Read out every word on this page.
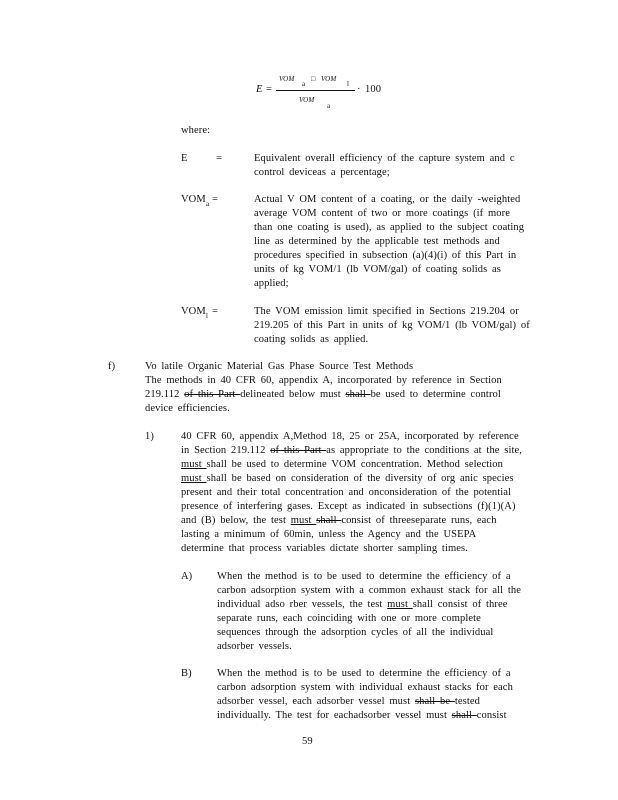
E =
VOM
a
□ VOM
l
VOM
a
· 100
where:
E	=	Equivalent overall efficiency of the capture system and c
control deviceas a percentage;
VOM a =	Actual V OM content of a coating, or the daily -weighted
average VOM content of two or more coatings (if more
than one coating is used), as applied to the subject coating
line as determined by the applicable test methods and
procedures specified in subsection (a)(4)(i) of this Part in
units of kg VOM/1 (lb VOM/gal) of coating solids as
applied;
VOM l =	The VOM emission limit specified in Sections 219.204 or
219.205 of this Part in units of kg VOM/1 (lb VOM/gal) of
coating solids as applied.
f)	Vo latile Organic Material Gas Phase Source Test Methods
The methods in 40 CFR 60, appendix A, incorporated by reference in Section
219.112 of this Part delineated below must shall be used to determine control
device efficiencies.
1)	40 CFR 60, appendix A,Method 18, 25 or 25A, incorporated by reference
in Section 219.112 of this Part as appropriate to the conditions at the site,
must shall be used to determine VOM concentration. Method selection
must shall be based on consideration of the diversity of org anic species
present and their total concentration and onconsideration of the potential
presence of interfering gases. Except as indicated in subsections (f)(1)(A)
and (B) below, the test must shall consist of threeseparate runs, each
lasting a minimum of 60min, unless the Agency and the USEPA
determine that process variables dictate shorter sampling times.
A) When the method is to be used to determine the efficiency of a
carbon adsorption system with a common exhaust stack for all the
individual adso rber vessels, the test must shall consist of three
separate runs, each coinciding with one or more complete
sequences through the adsorption cycles of all the individual
adsorber vessels.
B) When the method is to be used to determine the efficiency of a
carbon adsorption system with individual exhaust stacks for each
adsorber vessel, each adsorber vessel must shall be tested
individually. The test for eachadsorber vessel must shall consist
59
